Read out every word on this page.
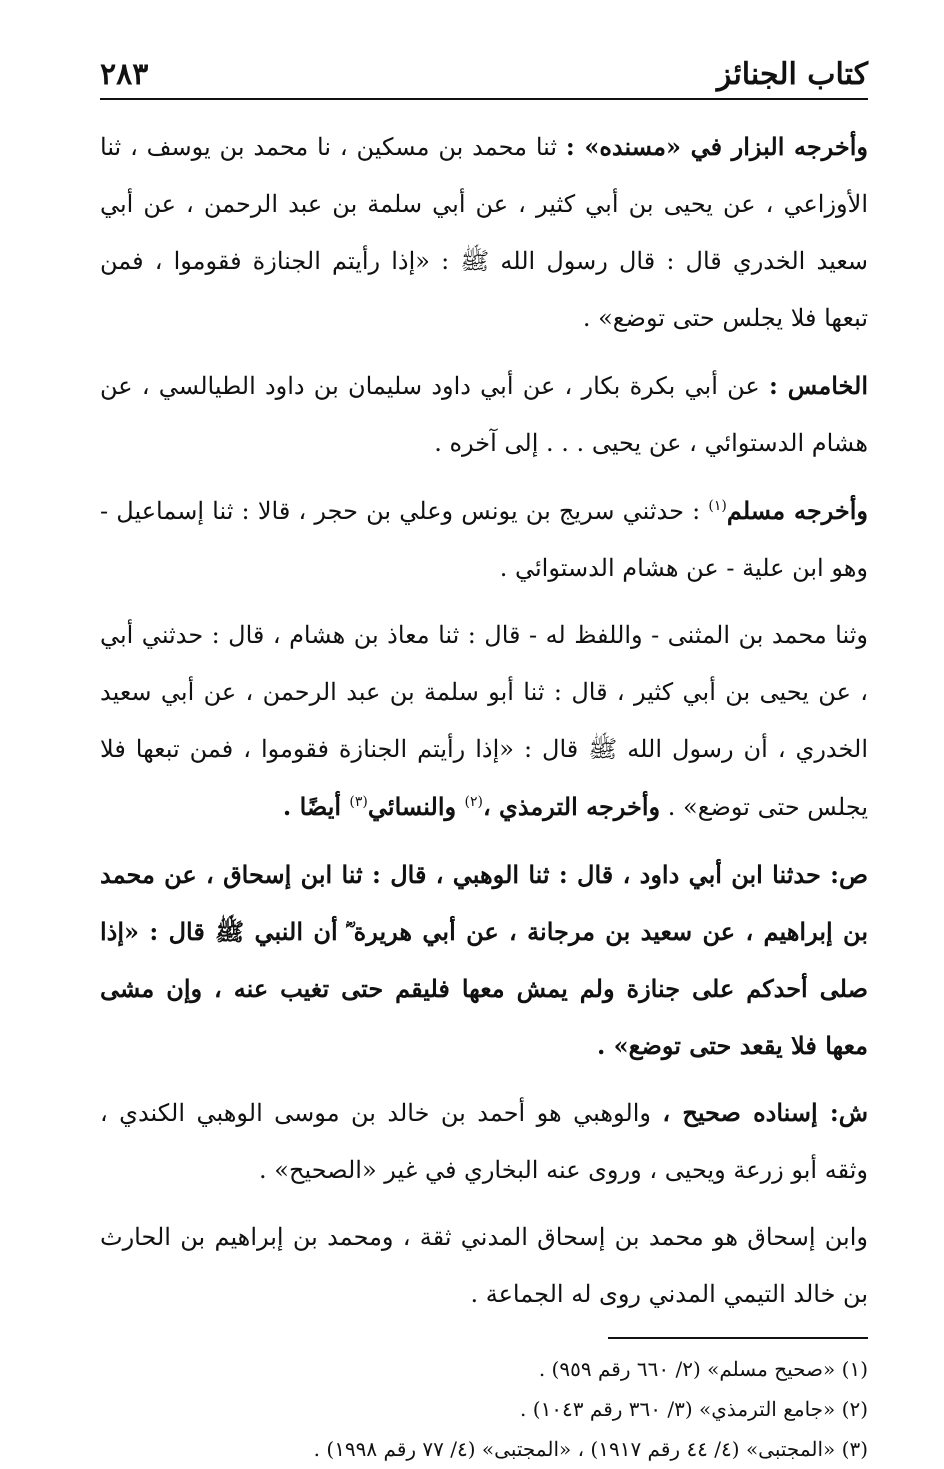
كتاب الجنائز
٢٨٣

وأخرجه البزار في «مسنده» : ثنا محمد بن مسكين ، نا محمد بن يوسف ، ثنا الأوزاعي ، عن يحيى بن أبي كثير ، عن أبي سلمة بن عبد الرحمن ، عن أبي سعيد الخدري قال : قال رسول الله ﷺ : «إذا رأيتم الجنازة فقوموا ، فمن تبعها فلا يجلس حتى توضع» .

الخامس : عن أبي بكرة بكار ، عن أبي داود سليمان بن داود الطيالسي ، عن هشام الدستوائي ، عن يحيى . . . إلى آخره .

وأخرجه مسلم$^{(١)}$ : حدثني سريج بن يونس وعلي بن حجر ، قالا : ثنا إسماعيل - وهو ابن علية - عن هشام الدستوائي .

وثنا محمد بن المثنى - واللفظ له - قال : ثنا معاذ بن هشام ، قال : حدثني أبي ، عن يحيى بن أبي كثير ، قال : ثنا أبو سلمة بن عبد الرحمن ، عن أبي سعيد الخدري ، أن رسول الله ﷺ قال : «إذا رأيتم الجنازة فقوموا ، فمن تبعها فلا يجلس حتى توضع» . وأخرجه الترمذي ،$^{(٢)}$ والنسائي$^{(٣)}$ أيضًا .

ص: حدثنا ابن أبي داود ، قال : ثنا الوهبي ، قال : ثنا ابن إسحاق ، عن محمد بن إبراهيم ، عن سعيد بن مرجانة ، عن أبي هريرة ؓ أن النبي ﷺ قال : «إذا صلى أحدكم على جنازة ولم يمش معها فليقم حتى تغيب عنه ، وإن مشى معها فلا يقعد حتى توضع» .

ش: إسناده صحيح ، والوهبي هو أحمد بن خالد بن موسى الوهبي الكندي ، وثقه أبو زرعة ويحيى ، وروى عنه البخاري في غير «الصحيح» .

وابن إسحاق هو محمد بن إسحاق المدني ثقة ، ومحمد بن إبراهيم بن الحارث بن خالد التيمي المدني روى له الجماعة .

(١) «صحيح مسلم» (٢/ ٦٦٠ رقم ٩٥٩) .

(٢) «جامع الترمذي» (٣/ ٣٦٠ رقم ١٠٤٣) .

(٣) «المجتبى» (٤/ ٤٤ رقم ١٩١٧) ، «المجتبى» (٤/ ٧٧ رقم ١٩٩٨) .
